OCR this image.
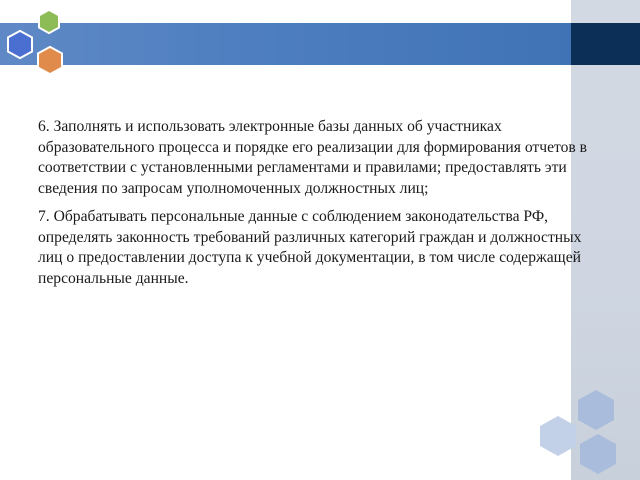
6. Заполнять и использовать электронные базы данных об участниках образовательного процесса и порядке его реализации для формирования отчетов в соответствии с установленными регламентами и правилами; предоставлять эти сведения по запросам уполномоченных должностных лиц;

7. Обрабатывать персональные данные с соблюдением законодательства РФ, определять законность требований различных категорий граждан и должностных лиц о предоставлении доступа к учебной документации, в том числе содержащей персональные данные.
